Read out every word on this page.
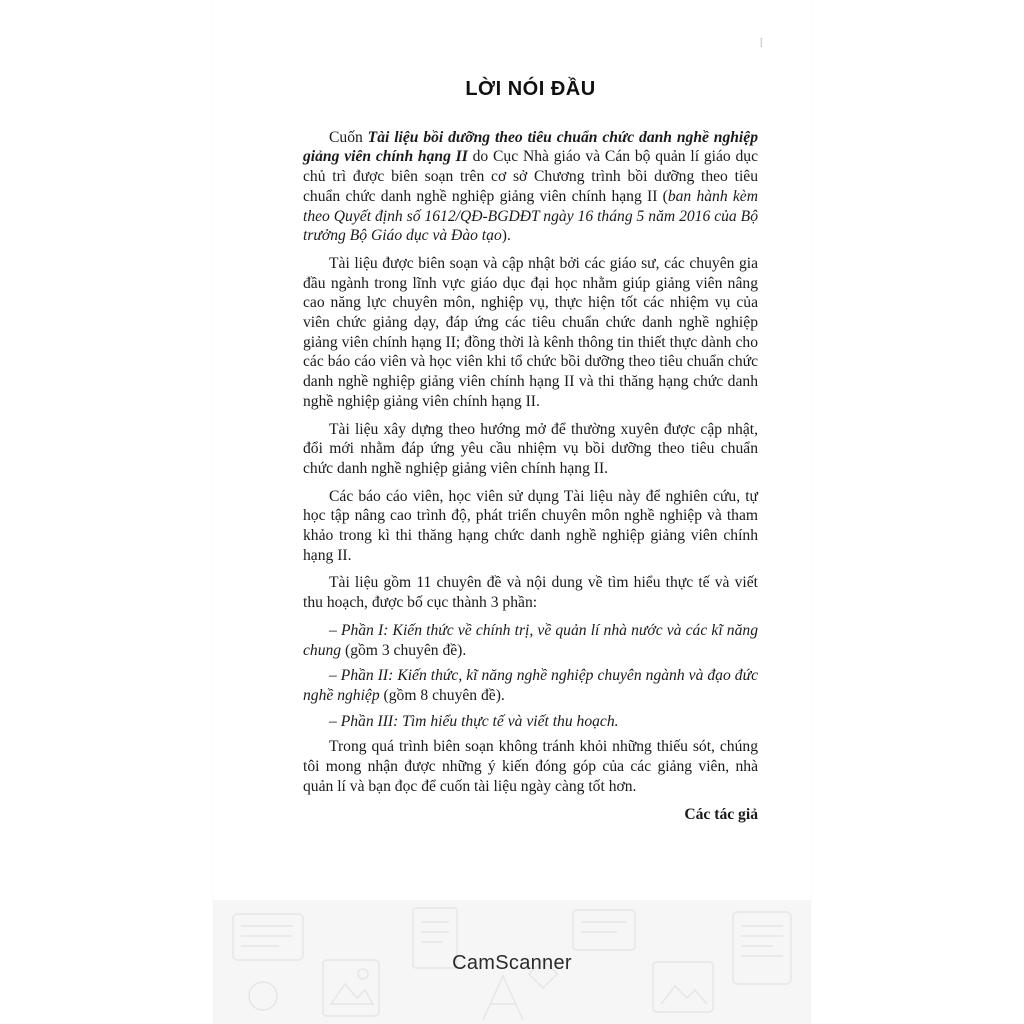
I
LỜI NÓI ĐẦU

Cuốn Tài liệu bồi dưỡng theo tiêu chuẩn chức danh nghề nghiệp giảng viên chính hạng II do Cục Nhà giáo và Cán bộ quản lí giáo dục chủ trì được biên soạn trên cơ sở Chương trình bồi dưỡng theo tiêu chuẩn chức danh nghề nghiệp giảng viên chính hạng II (ban hành kèm theo Quyết định số 1612/QĐ-BGDĐT ngày 16 tháng 5 năm 2016 của Bộ trưởng Bộ Giáo dục và Đào tạo).

Tài liệu được biên soạn và cập nhật bởi các giáo sư, các chuyên gia đầu ngành trong lĩnh vực giáo dục đại học nhằm giúp giảng viên nâng cao năng lực chuyên môn, nghiệp vụ, thực hiện tốt các nhiệm vụ của viên chức giảng dạy, đáp ứng các tiêu chuẩn chức danh nghề nghiệp giảng viên chính hạng II; đồng thời là kênh thông tin thiết thực dành cho các báo cáo viên và học viên khi tổ chức bồi dưỡng theo tiêu chuẩn chức danh nghề nghiệp giảng viên chính hạng II và thi thăng hạng chức danh nghề nghiệp giảng viên chính hạng II.

Tài liệu xây dựng theo hướng mở để thường xuyên được cập nhật, đổi mới nhằm đáp ứng yêu cầu nhiệm vụ bồi dưỡng theo tiêu chuẩn chức danh nghề nghiệp giảng viên chính hạng II.

Các báo cáo viên, học viên sử dụng Tài liệu này để nghiên cứu, tự học tập nâng cao trình độ, phát triển chuyên môn nghề nghiệp và tham khảo trong kì thi thăng hạng chức danh nghề nghiệp giảng viên chính hạng II.

Tài liệu gồm 11 chuyên đề và nội dung về tìm hiểu thực tế và viết thu hoạch, được bố cục thành 3 phần:

– Phần I: Kiến thức về chính trị, về quản lí nhà nước và các kĩ năng chung (gồm 3 chuyên đề).

– Phần II: Kiến thức, kĩ năng nghề nghiệp chuyên ngành và đạo đức nghề nghiệp (gồm 8 chuyên đề).

– Phần III: Tìm hiểu thực tế và viết thu hoạch.

Trong quá trình biên soạn không tránh khỏi những thiếu sót, chúng tôi mong nhận được những ý kiến đóng góp của các giảng viên, nhà quản lí và bạn đọc để cuốn tài liệu ngày càng tốt hơn.

Các tác giả
CamScanner
